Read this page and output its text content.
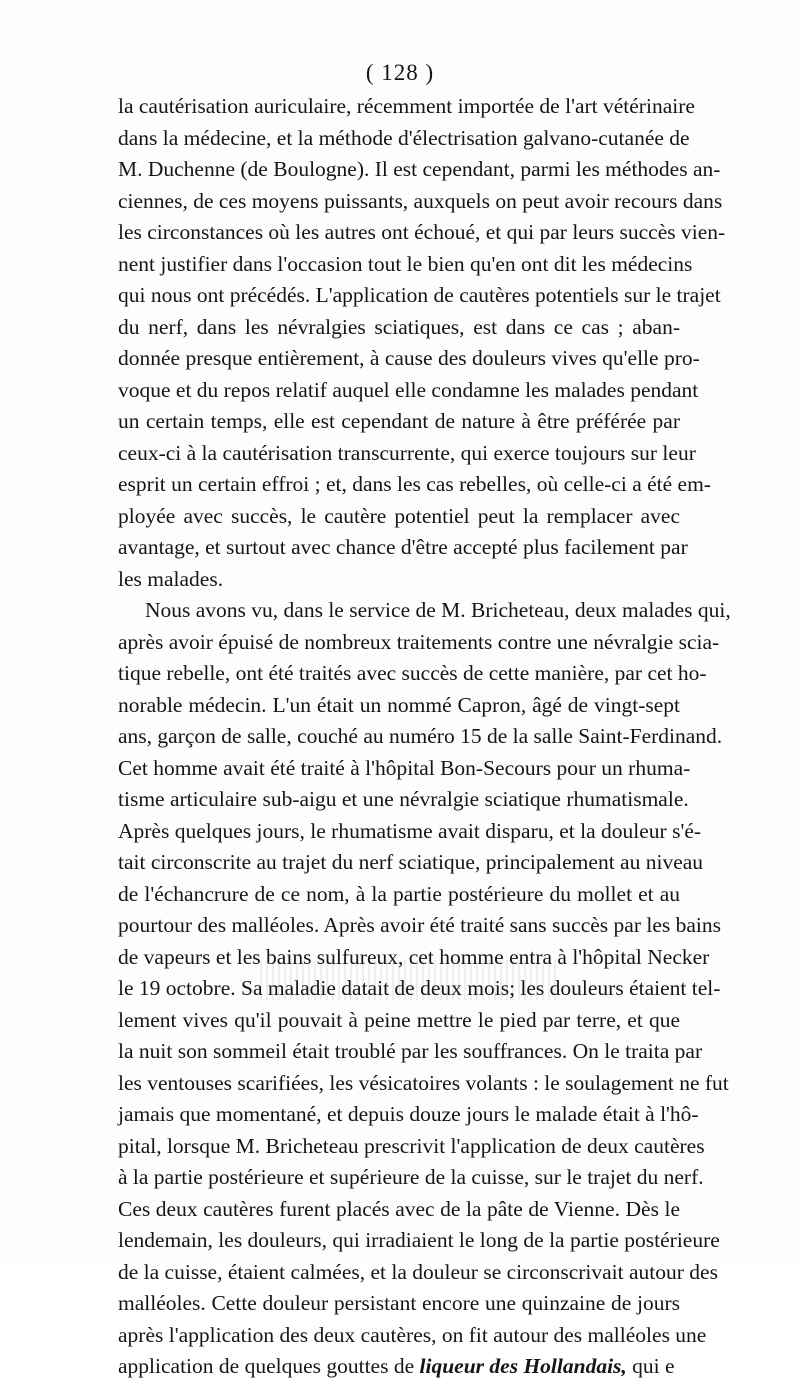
( 128 )
la cautérisation auriculaire, récemment importée de l'art vétérinaire
dans la médecine, et la méthode d'électrisation galvano-cutanée de
M. Duchenne (de Boulogne). Il est cependant, parmi les méthodes an-
ciennes, de ces moyens puissants, auxquels on peut avoir recours dans
les circonstances où les autres ont échoué, et qui par leurs succès vien-
nent justifier dans l'occasion tout le bien qu'en ont dit les médecins
qui nous ont précédés. L'application de cautères potentiels sur le trajet
du nerf, dans les névralgies sciatiques, est dans ce cas ; aban-
donnée presque entièrement, à cause des douleurs vives qu'elle pro-
voque et du repos relatif auquel elle condamne les malades pendant
un certain temps, elle est cependant de nature à être préférée par
ceux-ci à la cautérisation transcurrente, qui exerce toujours sur leur
esprit un certain effroi ; et, dans les cas rebelles, où celle-ci a été em-
ployée avec succès, le cautère potentiel peut la remplacer avec
avantage, et surtout avec chance d'être accepté plus facilement par
les malades.
Nous avons vu, dans le service de M. Bricheteau, deux malades qui,
après avoir épuisé de nombreux traitements contre une névralgie scia-
tique rebelle, ont été traités avec succès de cette manière, par cet ho-
norable médecin. L'un était un nommé Capron, âgé de vingt-sept
ans, garçon de salle, couché au numéro 15 de la salle Saint-Ferdinand.
Cet homme avait été traité à l'hôpital Bon-Secours pour un rhuma-
tisme articulaire sub-aigu et une névralgie sciatique rhumatismale.
Après quelques jours, le rhumatisme avait disparu, et la douleur s'é-
tait circonscrite au trajet du nerf sciatique, principalement au niveau
de l'échancrure de ce nom, à la partie postérieure du mollet et au
pourtour des malléoles. Après avoir été traité sans succès par les bains
de vapeurs et les bains sulfureux, cet homme entra à l'hôpital Necker
le 19 octobre. Sa maladie datait de deux mois; les douleurs étaient tel-
lement vives qu'il pouvait à peine mettre le pied par terre, et que
la nuit son sommeil était troublé par les souffrances. On le traita par
les ventouses scarifiées, les vésicatoires volants : le soulagement ne fut
jamais que momentané, et depuis douze jours le malade était à l'hô-
pital, lorsque M. Bricheteau prescrivit l'application de deux cautères
à la partie postérieure et supérieure de la cuisse, sur le trajet du nerf.
Ces deux cautères furent placés avec de la pâte de Vienne. Dès le
lendemain, les douleurs, qui irradiaient le long de la partie postérieure
de la cuisse, étaient calmées, et la douleur se circonscrivait autour des
malléoles. Cette douleur persistant encore une quinzaine de jours
après l'application des deux cautères, on fit autour des malléoles une
application de quelques gouttes de liqueur des Hollandais, qui e
